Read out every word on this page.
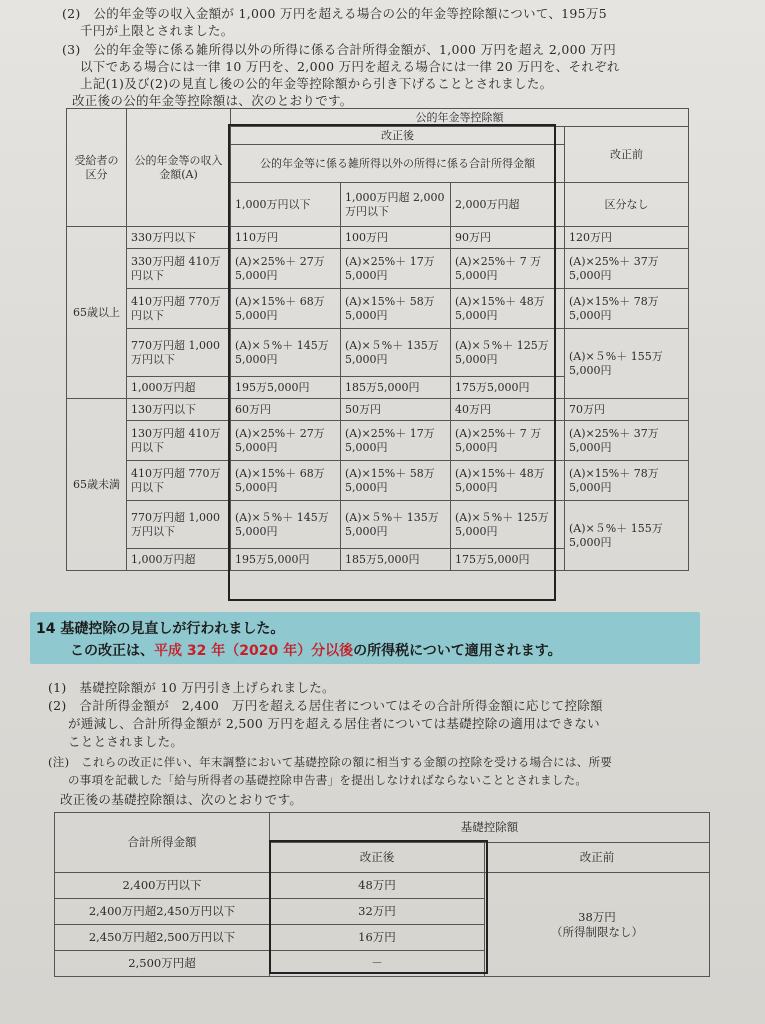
(2)　公的年金等の収入金額が 1,000 万円を超える場合の公的年金等控除額について、195万5
千円が上限とされました。
(3)　公的年金等に係る雑所得以外の所得に係る合計所得金額が、1,000 万円を超え 2,000 万円
以下である場合には一律 10 万円を、2,000 万円を超える場合には一律 20 万円を、それぞれ
上記(1)及び(2)の見直し後の公的年金等控除額から引き下げることとされました。
改正後の公的年金等控除額は、次のとおりです。
受給者の区分	公的年金等の収入金額(A)	公的年金等控除額			
		改正後			改正前
		公的年金等に係る雑所得以外の所得に係る合計所得金額			
		1,000万円以下	1,000万円超 2,000万円以下	2,000万円超	区分なし
65歳以上	330万円以下	110万円	100万円	90万円	120万円
	330万円超 410万円以下	(A)×25%＋ 27万5,000円	(A)×25%＋ 17万5,000円	(A)×25%＋ 7 万5,000円	(A)×25%＋ 37万5,000円
	410万円超 770万円以下	(A)×15%＋ 68万5,000円	(A)×15%＋ 58万5,000円	(A)×15%＋ 48万5,000円	(A)×15%＋ 78万5,000円
	770万円超 1,000万円以下	(A)×５%＋ 145万5,000円	(A)×５%＋ 135万5,000円	(A)×５%＋ 125万5,000円	(A)×５%＋ 155万5,000円
	1,000万円超	195万5,000円	185万5,000円	175万5,000円	
65歳未満	130万円以下	60万円	50万円	40万円	70万円
	130万円超 410万円以下	(A)×25%＋ 27万5,000円	(A)×25%＋ 17万5,000円	(A)×25%＋ 7 万5,000円	(A)×25%＋ 37万5,000円
	410万円超 770万円以下	(A)×15%＋ 68万5,000円	(A)×15%＋ 58万5,000円	(A)×15%＋ 48万5,000円	(A)×15%＋ 78万5,000円
	770万円超 1,000万円以下	(A)×５%＋ 145万5,000円	(A)×５%＋ 135万5,000円	(A)×５%＋ 125万5,000円	(A)×５%＋ 155万5,000円
	1,000万円超	195万5,000円	185万5,000円	175万5,000円	
14 基礎控除の見直しが行われました。
この改正は、平成 32 年（2020 年）分以後の所得税について適用されます。
(1)　基礎控除額が 10 万円引き上げられました。
(2)　合計所得金額が　2,400　万円を超える居住者についてはその合計所得金額に応じて控除額
が逓減し、合計所得金額が 2,500 万円を超える居住者については基礎控除の適用はできない
こととされました。
(注)　これらの改正に伴い、年末調整において基礎控除の額に相当する金額の控除を受ける場合には、所要
の事項を記載した「給与所得者の基礎控除申告書」を提出しなければならないこととされました。
改正後の基礎控除額は、次のとおりです。
合計所得金額	基礎控除額	
	改正後	改正前
2,400万円以下	48万円	38万円
（所得制限なし）

2,400万円超2,450万円以下	32万円	
2,450万円超2,500万円以下	16万円	
2,500万円超	－	
